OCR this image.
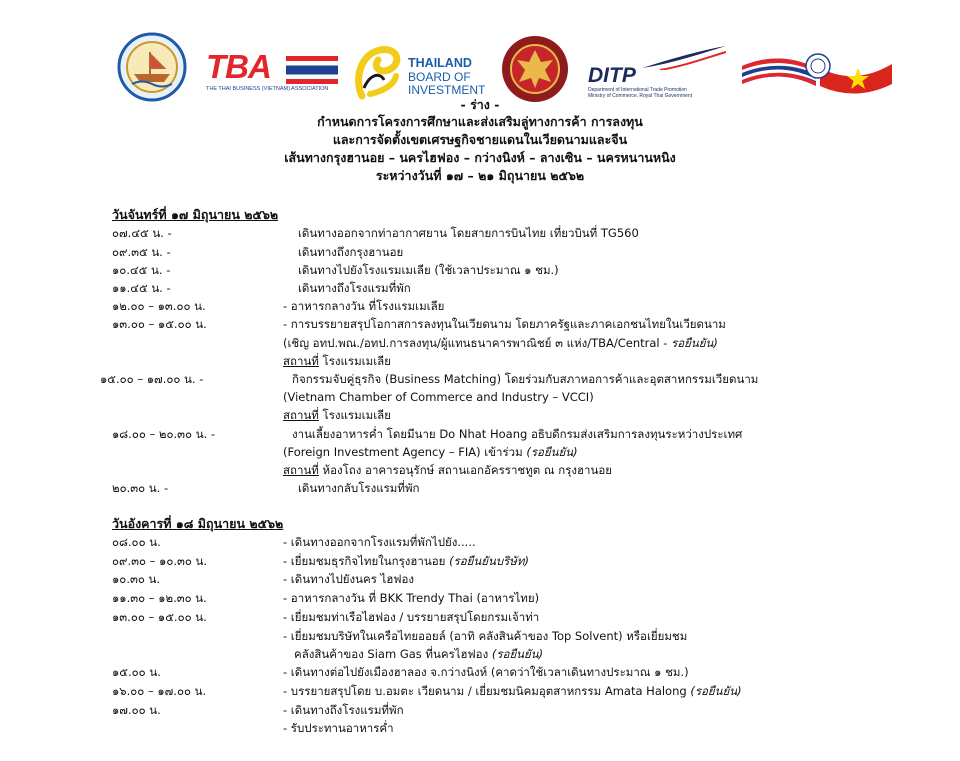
TBA
THE THAI BUSINESS (VIETNAM) ASSOCIATION
THAILAND
BOARD OF
INVESTMENT
DITP
Department of International Trade Promotion
Ministry of Commerce, Royal Thai Government
- ร่าง -
กำหนดการโครงการศึกษาและส่งเสริมลู่ทางการค้า การลงทุน
และการจัดตั้งเขตเศรษฐกิจชายแดนในเวียดนามและจีน
เส้นทางกรุงฮานอย – นครไฮฟอง – กว่างนิงห์ – ลางเซิน – นครหนานหนิง
ระหว่างวันที่ ๑๗ – ๒๑ มิถุนายน ๒๕๖๒
วันจันทร์ที่ ๑๗ มิถุนายน ๒๕๖๒
๐๗.๔๕ น. -	เดินทางออกจากท่าอากาศยาน โดยสายการบินไทย เที่ยวบินที่ TG560
๐๙.๓๕ น. -	เดินทางถึงกรุงฮานอย
๑๐.๔๕ น. -	เดินทางไปยังโรงแรมเมเลีย (ใช้เวลาประมาณ ๑ ชม.)
๑๑.๔๕ น. -	เดินทางถึงโรงแรมที่พัก
๑๒.๐๐ – ๑๓.๐๐ น.	- อาหารกลางวัน ที่โรงแรมเมเลีย
๑๓.๐๐ – ๑๕.๐๐ น.	- การบรรยายสรุปโอกาสการลงทุนในเวียดนาม โดยภาครัฐและภาคเอกชนไทยในเวียดนาม
(เชิญ อทป.พณ./อทป.การลงทุน/ผู้แทนธนาคารพาณิชย์ ๓ แห่ง/TBA/Central - รอยืนยัน)
สถานที่ โรงแรมเมเลีย
๑๕.๐๐ – ๑๗.๐๐ น. -	กิจกรรมจับคู่ธุรกิจ (Business Matching) โดยร่วมกับสภาหอการค้าและอุตสาหกรรมเวียดนาม
(Vietnam Chamber of Commerce and Industry – VCCI)
สถานที่ โรงแรมเมเลีย
๑๘.๐๐ – ๒๐.๓๐ น. -	งานเลี้ยงอาหารค่ำ โดยมีนาย Do Nhat Hoang อธิบดีกรมส่งเสริมการลงทุนระหว่างประเทศ
(Foreign Investment Agency – FIA) เข้าร่วม (รอยืนยัน)
สถานที่ ห้องโถง อาคารอนุรักษ์ สถานเอกอัครราชทูต ณ กรุงฮานอย
๒๐.๓๐ น. -	เดินทางกลับโรงแรมที่พัก
วันอังคารที่ ๑๘ มิถุนายน ๒๕๖๒
๐๘.๐๐ น.	- เดินทางออกจากโรงแรมที่พักไปยัง.....
๐๙.๓๐ – ๑๐.๓๐ น.	- เยี่ยมชมธุรกิจไทยในกรุงฮานอย (รอยืนยันบริษัท)
๑๐.๓๐ น.	- เดินทางไปยังนคร ไฮฟอง
๑๑.๓๐ – ๑๒.๓๐ น.	- อาหารกลางวัน ที่ BKK Trendy Thai (อาหารไทย)
๑๓.๐๐ – ๑๕.๐๐ น.	- เยี่ยมชมท่าเรือไฮฟอง / บรรยายสรุปโดยกรมเจ้าท่า
- เยี่ยมชมบริษัทในเครือไทยออยล์ (อาทิ คลังสินค้าของ Top Solvent) หรือเยี่ยมชม
คลังสินค้าของ Siam Gas ที่นครไฮฟอง (รอยืนยัน)
๑๕.๐๐ น.	- เดินทางต่อไปยังเมืองฮาลอง จ.กว่างนิงห์ (คาดว่าใช้เวลาเดินทางประมาณ ๑ ชม.)
๑๖.๐๐ – ๑๗.๐๐ น.	- บรรยายสรุปโดย บ.อมตะ เวียดนาม / เยี่ยมชมนิคมอุตสาหกรรม Amata Halong (รอยืนยัน)
๑๗.๐๐ น.	- เดินทางถึงโรงแรมที่พัก
- รับประทานอาหารค่ำ
